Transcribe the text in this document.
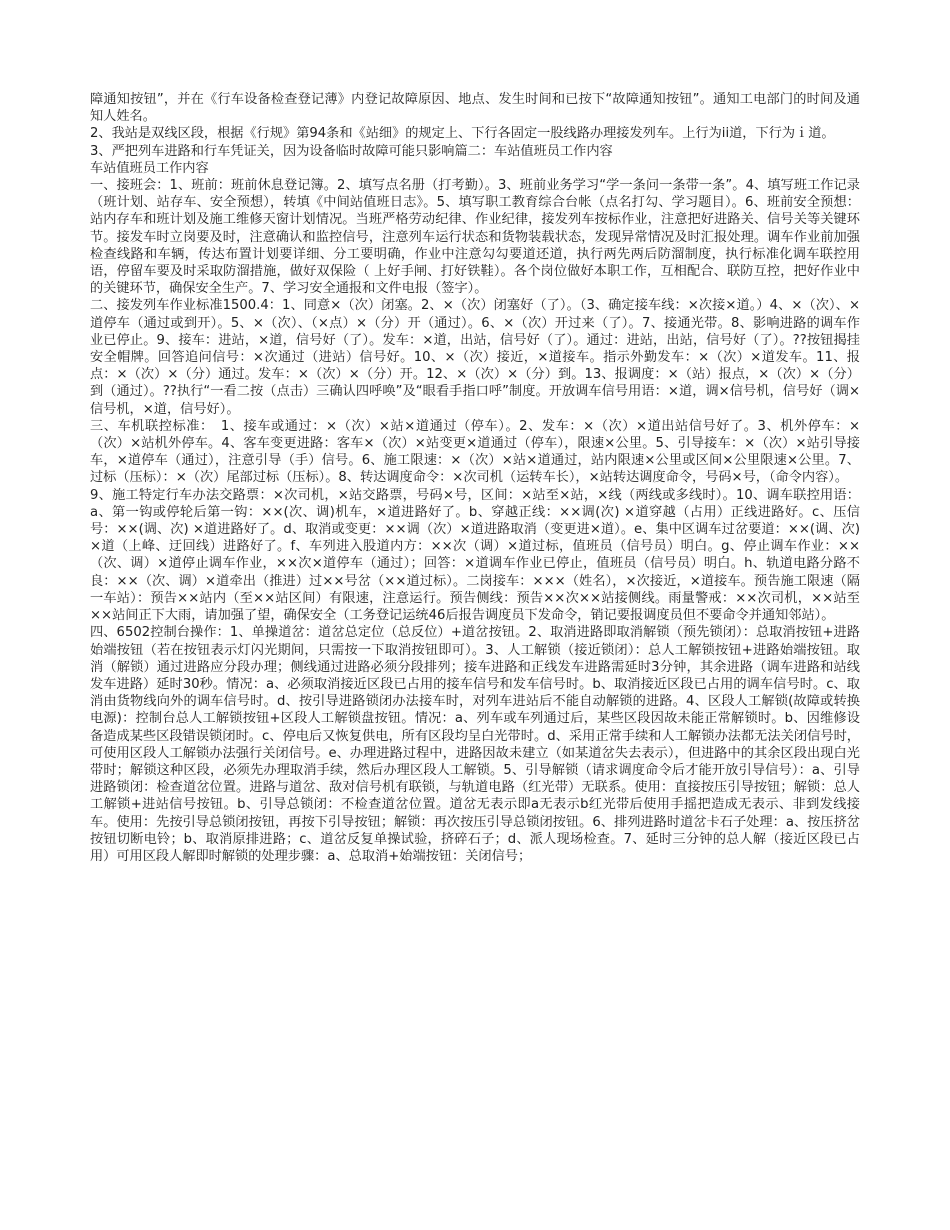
障通知按钮”，并在《行车设备检查登记薄》内登记故障原因、地点、发生时间和已按下“故障通知按钮”。通知工电部门的时间及通知人姓名。

2、我站是双线区段，根据《行规》第94条和《站细》的规定上、下行各固定一股线路办理接发列车。上行为ii道，下行为ｉ道。

3、严把列车进路和行车凭证关，因为设备临时故障可能只影响篇二：车站值班员工作内容

车站值班员工作内容

一、接班会：1、班前：班前休息登记簿。2、填写点名册（打考勤）。3、班前业务学习“学一条问一条带一条”。4、填写班工作记录（班计划、站存车、安全预想），转填《中间站值班日志》。5、填写职工教育综合台帐（点名打勾、学习题目）。6、班前安全预想：站内存车和班计划及施工维修天窗计划情况。当班严格劳动纪律、作业纪律，接发列车按标作业，注意把好进路关、信号关等关键环节。接发车时立岗要及时，注意确认和监控信号，注意列车运行状态和货物装载状态，发现异常情况及时汇报处理。调车作业前加强检查线路和车辆，传达布置计划要详细、分工要明确，作业中注意勾勾要道还道，执行两先两后防溜制度，执行标准化调车联控用语，停留车要及时采取防溜措施，做好双保险（ 上好手闸、打好铁鞋）。各个岗位做好本职工作，互相配合、联防互控，把好作业中的关键环节，确保安全生产。7、学习安全通报和文件电报（签字）。

二、接发列车作业标准1500.4：1、同意×（次）闭塞。2、×（次）闭塞好（了）。（3、确定接车线：×次接×道。）4、×（次）、×道停车（通过或到开）。5、×（次）、（×点）×（分）开（通过）。6、×（次）开过来（了）。7、接通光带。8、影响进路的调车作业已停止。9、接车：进站，×道，信号好（了）。发车：×道，出站，信号好（了）。通过：进站，出站，信号好（了）。??按钮揭挂安全帽牌。回答追问信号：×次通过（进站）信号好。10、×（次）接近，×道接车。指示外勤发车：×（次）×道发车。11、报点：×（次）×（分）通过。发车：×（次）×（分）开。12、×（次）×（分）到。13、报调度：×（站）报点，×（次）×（分）到（通过）。??执行“一看二按（点击）三确认四呼唤”及“眼看手指口呼”制度。开放调车信号用语：×道，调×信号机，信号好（调×信号机，×道，信号好）。

三、车机联控标准：　1、接车或通过：×（次）×站×道通过（停车）。2、发车：×（次）×道出站信号好了。3、机外停车：×（次）×站机外停车。4、客车变更进路：客车×（次）×站变更×道通过（停车），限速×公里。5、引导接车：×（次）×站引导接车，×道停车（通过），注意引导（手）信号。6、施工限速：×（次）×站×道通过，站内限速×公里或区间×公里限速×公里。7、过标（压标）：×（次）尾部过标（压标）。8、转达调度命令：×次司机（运转车长），×站转达调度命令，号码×号，（命令内容）。

9、施工特定行车办法交路票：×次司机，×站交路票，号码×号，区间：×站至×站，×线（两线或多线时）。10、调车联控用语：a、第一钩或停轮后第一钩：××(次、调)机车，×道进路好了。b、穿越正线：××调(次) ×道穿越（占用）正线进路好。c、压信号：××(调、次) ×道进路好了。d、取消或变更：××调（次）×道进路取消（变更进×道）。e、集中区调车过岔要道：××(调、次)×道（上峰、迂回线）进路好了。f、车列进入股道内方：××次（调）×道过标，值班员（信号员）明白。g、停止调车作业：××（次、调）×道停止调车作业，××次×道停车（通过）；回答：×道调车作业已停止，值班员（信号员）明白。h、轨道电路分路不良：××（次、调）×道牵出（推进）过××号岔（××道过标）。二岗接车：×××（姓名），×次接近，×道接车。预告施工限速（隔一车站）：预告××站内（至××站区间）有限速，注意运行。预告侧线：预告××次××站接侧线。雨量警戒：××次司机，××站至××站间正下大雨，请加强了望，确保安全（工务登记运统46后报告调度员下发命令，销记要报调度员但不要命令并通知邻站）。

四、6502控制台操作：1、单操道岔：道岔总定位（总反位）+道岔按钮。2、取消进路即取消解锁（预先锁闭）：总取消按钮+进路始端按钮（若在按钮表示灯闪光期间，只需按一下取消按钮即可）。3、人工解锁（接近锁闭）：总人工解锁按钮+进路始端按钮。取消（解锁）通过进路应分段办理；侧线通过进路必须分段排列；接车进路和正线发车进路需延时3分钟，其余进路（调车进路和站线发车进路）延时30秒。情况：a、必须取消接近区段已占用的接车信号和发车信号时。b、取消接近区段已占用的调车信号时。c、取消由货物线向外的调车信号时。d、按引导进路锁闭办法接车时，对列车进站后不能自动解锁的进路。4、区段人工解锁(故障或转换电源)：控制台总人工解锁按钮+区段人工解锁盘按钮。情况：a、列车或车列通过后，某些区段因故未能正常解锁时。b、因维修设备造成某些区段错误锁闭时。c、停电后又恢复供电，所有区段均呈白光带时。d、采用正常手续和人工解锁办法都无法关闭信号时，可使用区段人工解锁办法强行关闭信号。e、办理进路过程中，进路因故未建立（如某道岔失去表示），但进路中的其余区段出现白光带时；解锁这种区段，必须先办理取消手续，然后办理区段人工解锁。5、引导解锁（请求调度命令后才能开放引导信号）：a、引导进路锁闭：检查道岔位置。进路与道岔、敌对信号机有联锁，与轨道电路（红光带）无联系。使用：直接按压引导按钮；解锁：总人工解锁+进站信号按钮。b、引导总锁闭：不检查道岔位置。道岔无表示即a无表示b红光带后使用手摇把造成无表示、非到发线接车。使用：先按引导总锁闭按钮，再按下引导按钮；解锁：再次按压引导总锁闭按钮。6、排列进路时道岔卡石子处理：a、按压挤岔按钮切断电铃；b、取消原排进路；c、道岔反复单操试验，挤碎石子；d、派人现场检查。7、延时三分钟的总人解（接近区段已占用）可用区段人解即时解锁的处理步骤：a、总取消+始端按钮：关闭信号；
